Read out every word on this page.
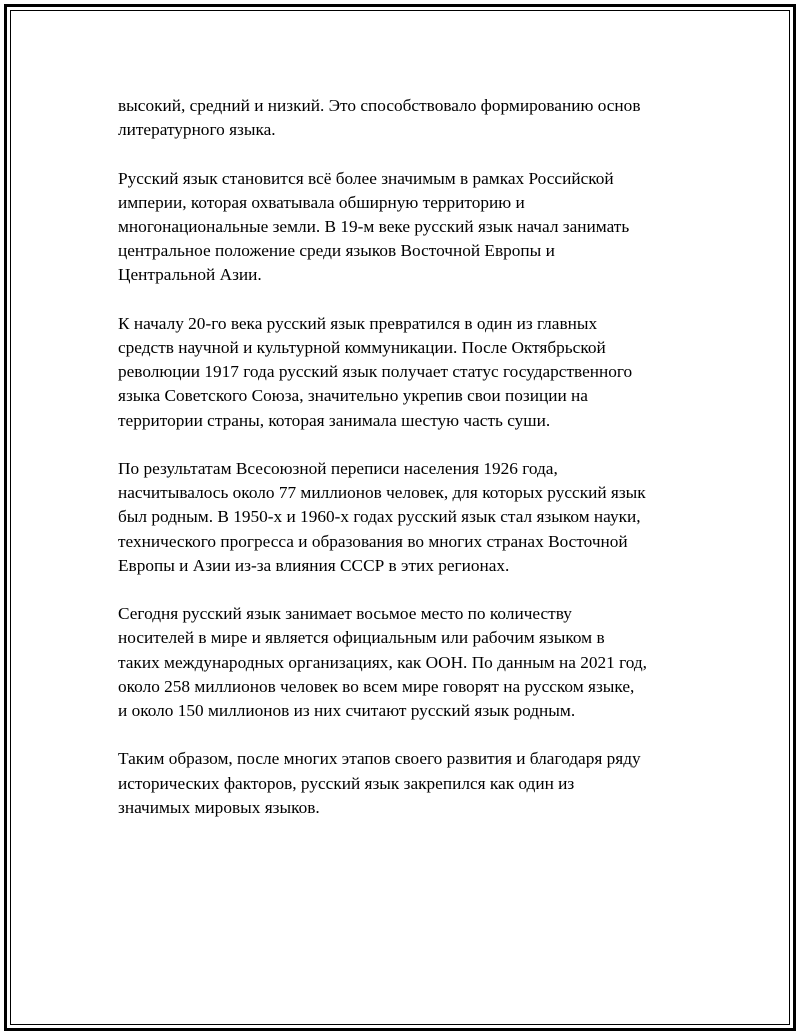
высокий, средний и низкий. Это способствовало формированию основ
литературного языка.

Русский язык становится всё более значимым в рамках Российской
империи, которая охватывала обширную территорию и
многонациональные земли. В 19-м веке русский язык начал занимать
центральное положение среди языков Восточной Европы и
Центральной Азии.

К началу 20-го века русский язык превратился в один из главных
средств научной и культурной коммуникации. После Октябрьской
революции 1917 года русский язык получает статус государственного
языка Советского Союза, значительно укрепив свои позиции на
территории страны, которая занимала шестую часть суши.

По результатам Всесоюзной переписи населения 1926 года,
насчитывалось около 77 миллионов человек, для которых русский язык
был родным. В 1950-х и 1960-х годах русский язык стал языком науки,
технического прогресса и образования во многих странах Восточной
Европы и Азии из-за влияния СССР в этих регионах.

Сегодня русский язык занимает восьмое место по количеству
носителей в мире и является официальным или рабочим языком в
таких международных организациях, как ООН. По данным на 2021 год,
около 258 миллионов человек во всем мире говорят на русском языке,
и около 150 миллионов из них считают русский язык родным.

Таким образом, после многих этапов своего развития и благодаря ряду
исторических факторов, русский язык закрепился как один из
значимых мировых языков.
